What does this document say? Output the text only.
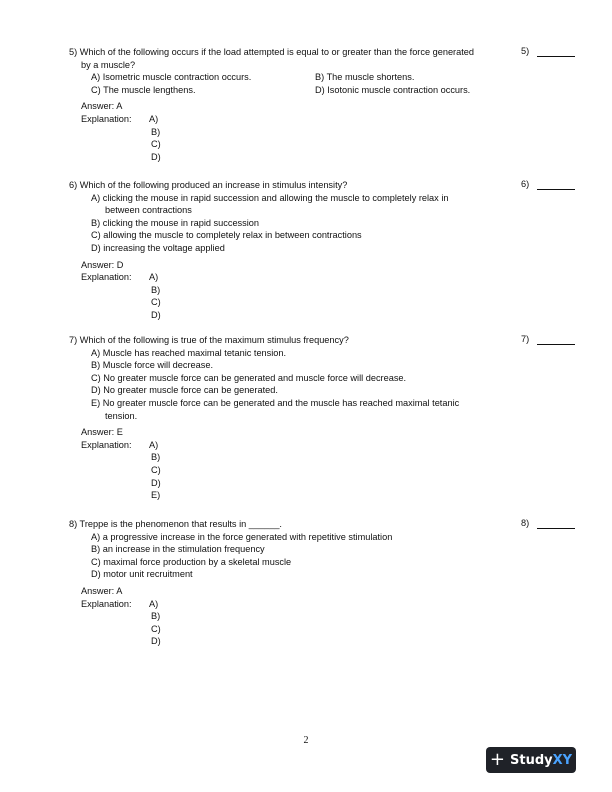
5) Which of the following occurs if the load attempted is equal to or greater than the force generated
by a muscle?
A) Isometric muscle contraction occurs.	B) The muscle shortens.
C) The muscle lengthens.	D) Isotonic muscle contraction occurs.
Answer: A
Explanation:	A)
B)
C)
D)
5)
6) Which of the following produced an increase in stimulus intensity?
A) clicking the mouse in rapid succession and allowing the muscle to completely relax in
between contractions
B) clicking the mouse in rapid succession
C) allowing the muscle to completely relax in between contractions
D) increasing the voltage applied
Answer: D
Explanation:	A)
B)
C)
D)
6)
7) Which of the following is true of the maximum stimulus frequency?
A) Muscle has reached maximal tetanic tension.
B) Muscle force will decrease.
C) No greater muscle force can be generated and muscle force will decrease.
D) No greater muscle force can be generated.
E) No greater muscle force can be generated and the muscle has reached maximal tetanic
tension.
Answer: E
Explanation:	A)
B)
C)
D)
E)
7)
8) Treppe is the phenomenon that results in ______.
A) a progressive increase in the force generated with repetitive stimulation
B) an increase in the stimulation frequency
C) maximal force production by a skeletal muscle
D) motor unit recruitment
Answer: A
Explanation:	A)
B)
C)
D)
8)
2
+ Study XY
